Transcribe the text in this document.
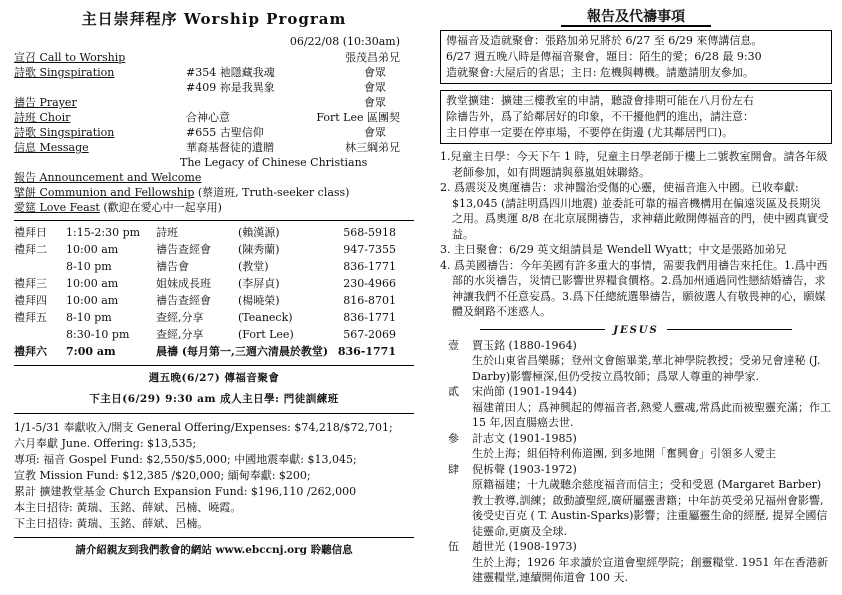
主日崇拜程序 Worship Program
06/22/08 (10:30am)
宣召 Call to Worship	張茂昌弟兄
詩歌 Singspiration	#354 祂隱藏我魂	會眾
#409 祢是我異象	會眾
禱告 Prayer	會眾
詩班 Choir	合神心意	Fort Lee 區團契
詩歌 Singspiration	#655 古聖信仰	會眾
信息 Message	華裔基督徒的遺贈	林三綱弟兄
The Legacy of Chinese Christians
報告 Announcement and Welcome
擘餅 Communion and Fellowship (蔡道班, Truth-seeker class)
愛筵 Love Feast (歡迎在愛心中一起享用)
禮拜日 1:15-2:30 pm 詩班	(賴漢源)	568-5918
禮拜二 10:00 am	禱告查經會 (陳秀蘭)	947-7355
8-10 pm	禱告會	(教堂)	836-1771
禮拜三 10:00 am	姐妹成長班 (李屏貞)	230-4966
禮拜四 10:00 am	禱告查經會 (楊曉榮)	816-8701
禮拜五 8-10 pm	查經,分享	(Teaneck)	836-1771
8:30-10 pm 查經,分享	(Fort Lee)	567-2069
禮拜六 7:00 am	晨禱 (每月第一,三週六清晨於教堂) 836-1771
週五晚(6/27) 傳福音聚會
下主日(6/29) 9:30 am 成人主日學: 門徒訓練班
1/1-5/31 奉獻收入/開支 General Offering/Expenses: $74,218/$72,701;
六月奉獻 June. Offering: $13,535;
專項: 福音 Gospel Fund: $2,550/$5,000; 中國地震奉獻: $13,045;
宣教 Mission Fund: $12,385 /$20,000; 緬甸奉獻: $200;
累計 擴建教堂基金 Church Expansion Fund: $196,110 /262,000
本主日招待: 黃瑞、玉銘、薛斌、呂楠、曉霞。
下主日招待: 黃瑞、玉銘、薛斌、呂楠。
請介紹親友到我們教會的網站 www.ebccnj.org 聆聽信息
報告及代禱事項
傳福音及造就聚會：張路加弟兄將於 6/27 至 6/29 來傳講信息。
6/27 週五晚八時是傳福音聚會，題目：陌生的愛；6/28 最 9:30
造就聚會:大屋后的省思；主日: 危機與轉機。請邀請朋友參加。
教堂擴建：擴建三樓教室的申請，聽證會排期可能在八月份左右
除禱告外，爲了給鄰居好的印象，不干擾他們的進出，請注意：
主日停車一定要在停車場，不要停在街邊 (尤其鄰居門口)。
1.兒童主日學：今天下午 1 時，兒童主日學老師于樓上二號教室開會。請各年級老師參加，如有問題請與慕嵐姐妹聯絡。
2. 爲震災及奧運禱告：求神醫治受傷的心靈，使福音進入中國。已收奉獻: $13,045 (請註明爲四川地震) 並委託可靠的福音機構用在偏遠災區及長期災之用。爲奧運 8/8 在北京展開禱告，求神藉此敞開傳福音的門，使中國真實受益。
3. 主日聚會：6/29 英文組請員是 Wendell Wyatt；中文是張路加弟兄
4. 爲美國禱告：今年美國有許多重大的事情，需要我們用禱告來托住。1.爲中西部的水災禱告，災情已影響世界糧食價格。2.爲加州通過同性戀結婚禱告，求神讓我們不任意妄爲。3.爲下任總統選舉禱告，願彼選人有敬畏神的心，願媒體及網路不迷惑人。
JESUS
壹 賈玉銘 (1880-1964)
生於山東省昌樂縣；登州文會館畢業,華北神學院教授；受弟兄會達秘 (J. Darby)影響極深,但仍受按立爲牧師；爲眾人尊重的神學家.
貳 宋尚節 (1901-1944)
福建莆田人；爲神興起的傳福音者,熱愛人靈魂,常爲此而被聖靈充滿；作工 15 年,因直腸癌去世.
參 計志文 (1901-1985)
生於上海；組佰特利佈道團, 到多地開「奮興會」引領多人愛主
肆 倪柝聲 (1903-1972)
原籍福建；十九歲聽余慈度福音而信主；受和受恩 (Margaret Barber)教士教導,訓練；啟動讀聖經,廣研屬靈書籍；中年訪英受弟兄福州會影響,後受史百克 ( T. Austin-Sparks)影響；注重屬靈生命的經歷, 提昇全國信徒靈命,更廣及全球.
伍 趙世光 (1908-1973)
生於上海；1926 年求讀於宣道會聖經學院；創靈糧堂. 1951 年在香港新建靈糧堂,連續開佈道會 100 天.
